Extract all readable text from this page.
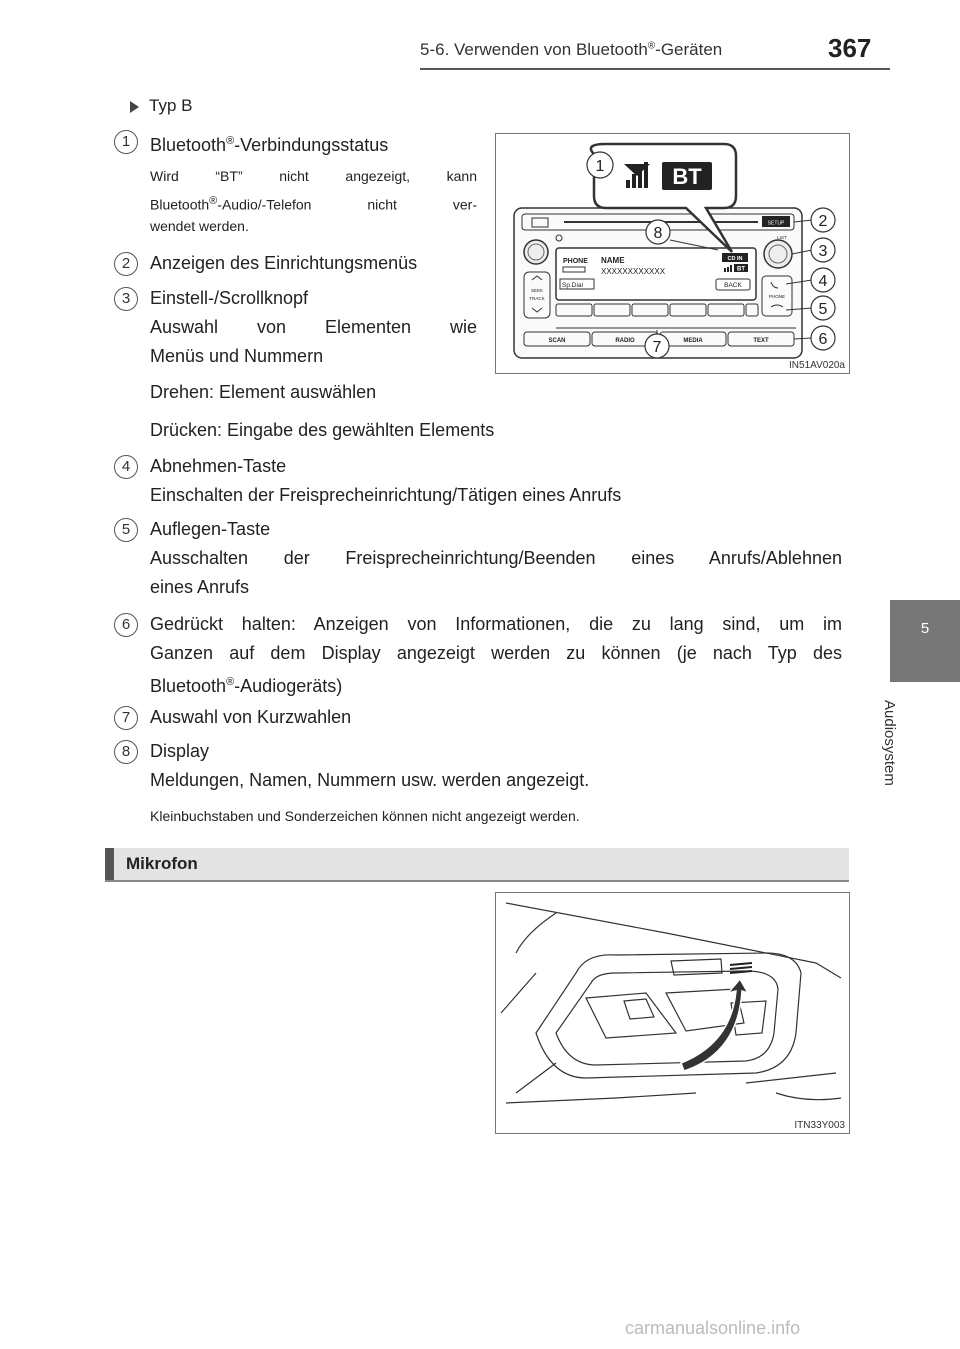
5-6. Verwenden von Bluetooth®-Geräten	367
5
Audiosystem
Typ B
1	Bluetooth®-Verbindungsstatus
Wird “BT” nicht angezeigt, kann
Bluetooth®-Audio/-Telefon nicht ver-
wendet werden.
2	Anzeigen des Einrichtungsmenüs
3	Einstell-/Scrollknopf
Auswahl von Elementen wie
Menüs und Nummern
Drehen: Element auswählen
Drücken: Eingabe des gewählten Elements
4	Abnehmen-Taste
Einschalten der Freisprecheinrichtung/Tätigen eines Anrufs
5	Auflegen-Taste
Ausschalten der Freisprecheinrichtung/Beenden eines Anrufs/Ablehnen
eines Anrufs
6	Gedrückt halten: Anzeigen von Informationen, die zu lang sind, um im
Ganzen auf dem Display angezeigt werden zu können (je nach Typ des
Bluetooth®-Audiogeräts)
7	Auswahl von Kurzwahlen
8	Display
Meldungen, Namen, Nummern usw. werden angezeigt.
Kleinbuchstaben und Sonderzeichen können nicht angezeigt werden.
SETUP
LIST
SEEK
TRACK
PHONE NAME
XXXXXXXXXXXX
Sp.Dial
CD IN
BT
BACK
PHONE
SCAN	RADIO	MEDIA	TEXT
BT
1
2
3
4
5
6
7
8
IN51AV020a
Mikrofon
ITN33Y003
carmanualsonline.info
